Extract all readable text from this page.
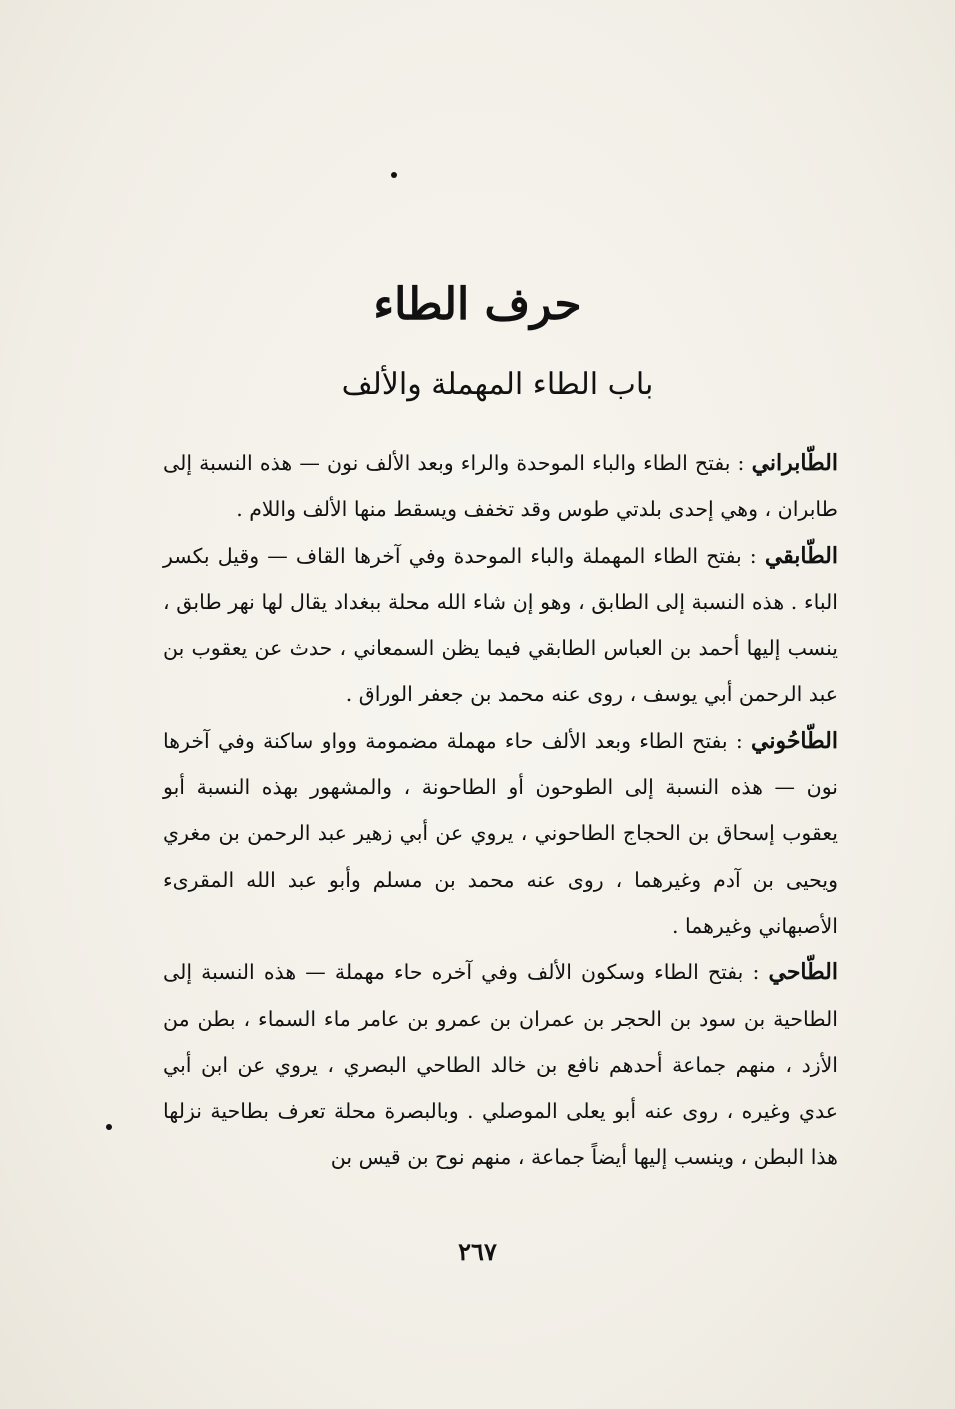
حرف الطاء
باب الطاء المهملة والألف

الطّابراني : بفتح الطاء والباء الموحدة والراء وبعد الألف نون — هذه النسبة إلى طابران ، وهي إحدى بلدتي طوس وقد تخفف ويسقط منها الألف واللام .

الطّابقي : بفتح الطاء المهملة والباء الموحدة وفي آخرها القاف — وقيل بكسر الباء . هذه النسبة إلى الطابق ، وهو إن شاء الله محلة ببغداد يقال لها نهر طابق ، ينسب إليها أحمد بن العباس الطابقي فيما يظن السمعاني ، حدث عن يعقوب بن عبد الرحمن أبي يوسف ، روى عنه محمد بن جعفر الوراق .

الطّاحُوني : بفتح الطاء وبعد الألف حاء مهملة مضمومة وواو ساكنة وفي آخرها نون — هذه النسبة إلى الطوحون أو الطاحونة ، والمشهور بهذه النسبة أبو يعقوب إسحاق بن الحجاج الطاحوني ، يروي عن أبي زهير عبد الرحمن بن مغري ويحيى بن آدم وغيرهما ، روى عنه محمد بن مسلم وأبو عبد الله المقرىء الأصبهاني وغيرهما .

الطّاحي : بفتح الطاء وسكون الألف وفي آخره حاء مهملة — هذه النسبة إلى الطاحية بن سود بن الحجر بن عمران بن عمرو بن عامر ماء السماء ، بطن من الأزد ، منهم جماعة أحدهم نافع بن خالد الطاحي البصري ، يروي عن ابن أبي عدي وغيره ، روى عنه أبو يعلى الموصلي . وبالبصرة محلة تعرف بطاحية نزلها هذا البطن ، وينسب إليها أيضاً جماعة ، منهم نوح بن قيس بن

٢٦٧
